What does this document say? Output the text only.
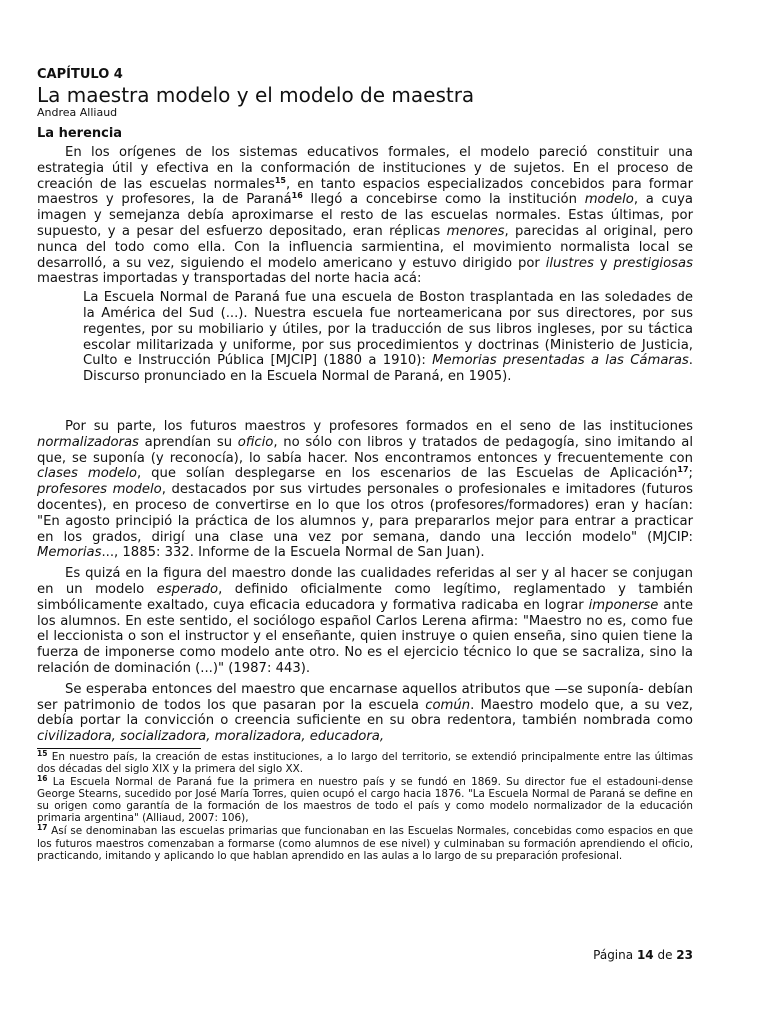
CAPÍTULO 4
La maestra modelo y el modelo de maestra
Andrea Alliaud
La herencia

En los orígenes de los sistemas educativos formales, el modelo pareció constituir una estrategia útil y efectiva en la conformación de instituciones y de sujetos. En el proceso de creación de las escuelas normales$^{15}$, en tanto espacios especializados concebidos para formar maestros y profesores, la de Paraná$^{16}$ llegó a concebirse como la institución modelo, a cuya imagen y semejanza debía aproximarse el resto de las escuelas normales. Estas últimas, por supuesto, y a pesar del esfuerzo depositado, eran réplicas menores, parecidas al original, pero nunca del todo como ella. Con la influencia sarmientina, el movimiento normalista local se desarrolló, a su vez, siguiendo el modelo americano y estuvo dirigido por ilustres y prestigiosas maestras importadas y transportadas del norte hacia acá:

La Escuela Normal de Paraná fue una escuela de Boston trasplantada en las soledades de la América del Sud (...). Nuestra escuela fue norteamericana por sus directores, por sus regentes, por su mobiliario y útiles, por la traducción de sus libros ingleses, por su táctica escolar militarizada y uniforme, por sus procedimientos y doctrinas (Ministerio de Justicia, Culto e Instrucción Pública [MJCIP] (1880 a 1910): Memorias presentadas a las Cámaras. Discurso pronunciado en la Escuela Normal de Paraná, en 1905).

Por su parte, los futuros maestros y profesores formados en el seno de las instituciones normalizadoras aprendían su oficio, no sólo con libros y tratados de pedagogía, sino imitando al que, se suponía (y reconocía), lo sabía hacer. Nos encontramos entonces y frecuentemente con clases modelo, que solían desplegarse en los escenarios de las Escuelas de Aplicación$^{17}$; profesores modelo, destacados por sus virtudes personales o profesionales e imitadores (futuros docentes), en proceso de convertirse en lo que los otros (profesores/formadores) eran y hacían: "En agosto principió la práctica de los alumnos y, para prepararlos mejor para entrar a practicar en los grados, dirigí una clase una vez por semana, dando una lección modelo" (MJCIP: Memorias..., 1885: 332. Informe de la Escuela Normal de San Juan).

Es quizá en la figura del maestro donde las cualidades referidas al ser y al hacer se conjugan en un modelo esperado, definido oficialmente como legítimo, reglamentado y también simbólicamente exaltado, cuya eficacia educadora y formativa radicaba en lograr imponerse ante los alumnos. En este sentido, el sociólogo español Carlos Lerena afirma: "Maestro no es, como fue el leccionista o son el instructor y el enseñante, quien instruye o quien enseña, sino quien tiene la fuerza de imponerse como modelo ante otro. No es el ejercicio técnico lo que se sacraliza, sino la relación de dominación (...)" (1987: 443).

Se esperaba entonces del maestro que encarnase aquellos atributos que —se suponía- debían ser patrimonio de todos los que pasaran por la escuela común. Maestro modelo que, a su vez, debía portar la convicción o creencia suficiente en su obra redentora, también nombrada como civilizadora, socializadora, moralizadora, educadora,

$^{15}$ En nuestro país, la creación de estas instituciones, a lo largo del territorio, se extendió principalmente entre las últimas dos décadas del siglo XIX y la primera del siglo XX.

$^{16}$ La Escuela Normal de Paraná fue la primera en nuestro país y se fundó en 1869. Su director fue el estadouni-dense George Stearns, sucedido por José María Torres, quien ocupó el cargo hacia 1876. "La Escuela Normal de Paraná se define en su origen como garantía de la formación de los maestros de todo el país y como modelo normalizador de la educación primaria argentina" (Alliaud, 2007: 106),

$^{17}$ Así se denominaban las escuelas primarias que funcionaban en las Escuelas Normales, concebidas como espacios en que los futuros maestros comenzaban a formarse (como alumnos de ese nivel) y culminaban su formación aprendiendo el oficio, practicando, imitando y aplicando lo que hablan aprendido en las aulas a lo largo de su preparación profesional.

Página 14 de 23
